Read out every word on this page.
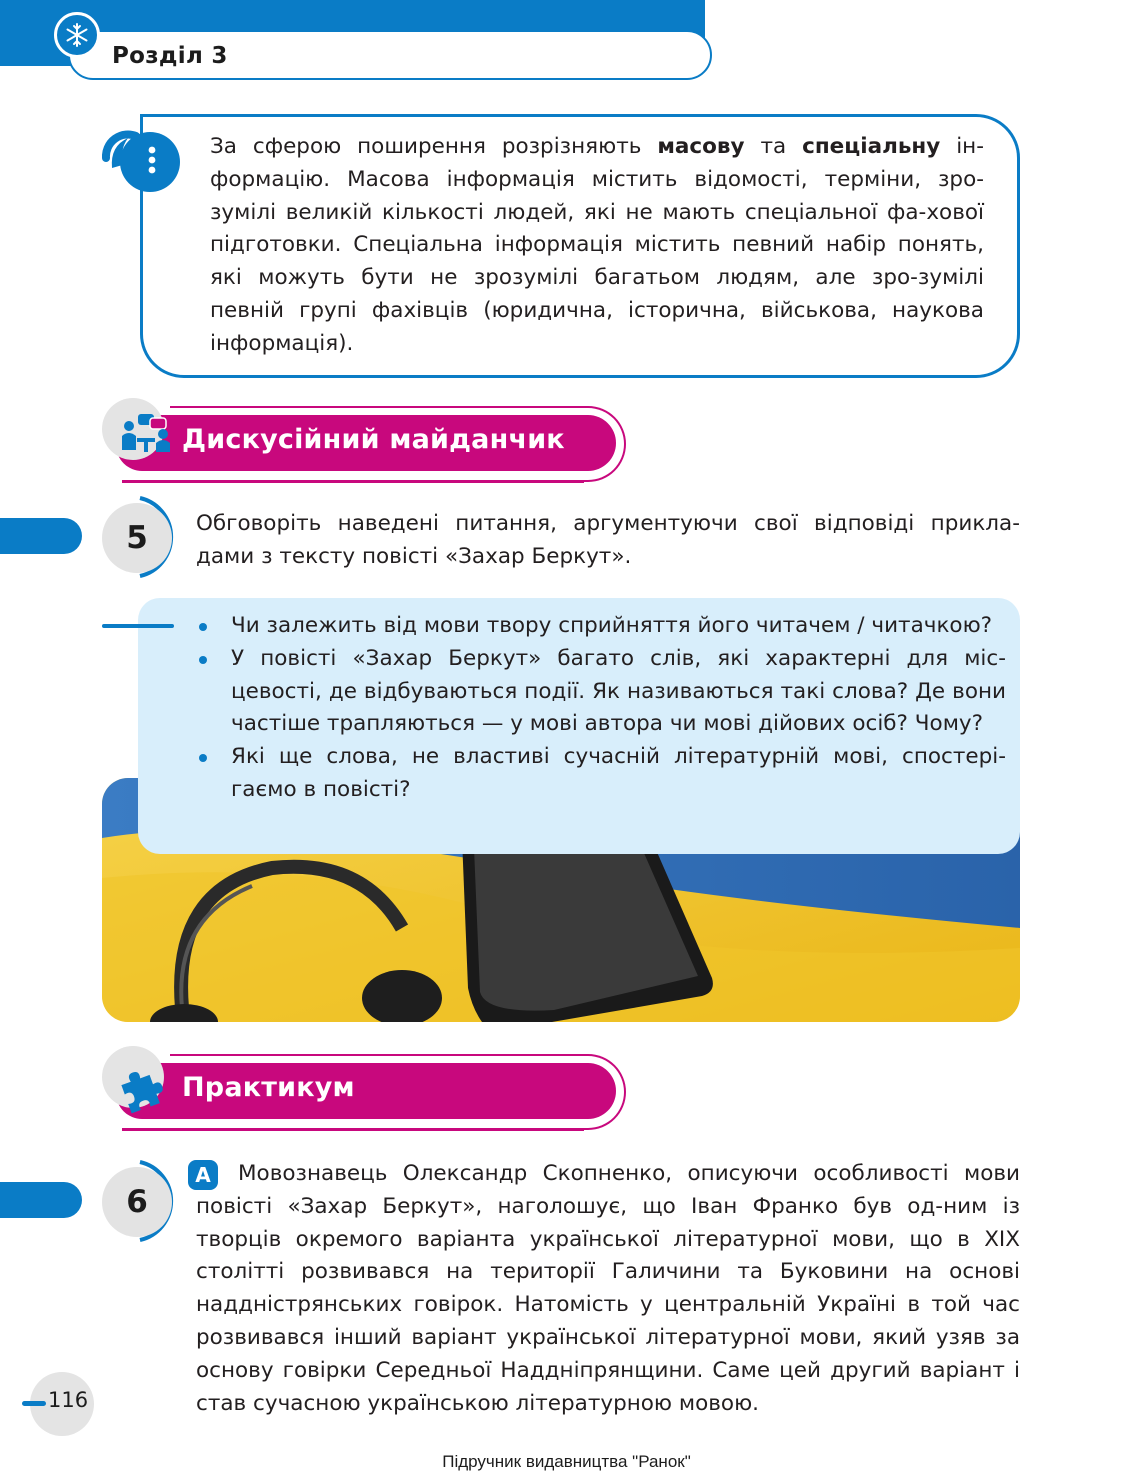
Розділ 3
За сферою поширення розрізняють масову та спеціальну ін-формацію. Масова інформація містить відомості, терміни, зро-зумілі великій кількості людей, які не мають спеціальної фа-хової підготовки. Спеціальна інформація містить певний набір понять, які можуть бути не зрозумілі багатьом людям, але зро-зумілі певній групі фахівців (юридична, історична, військова, наукова інформація).
Дискусійний майданчик
5	Обговоріть наведені питання, аргументуючи свої відповіді прикла-дами з тексту повісті «Захар Беркут».
Чи залежить від мови твору сприйняття його читачем / читачкою?
У повісті «Захар Беркут» багато слів, які характерні для міс-цевості, де відбуваються події. Як називаються такі слова? Де вони частіше трапляються — у мові автора чи мові дійових осіб? Чому?
Які ще слова, не властиві сучасній літературній мові, спостері-гаємо в повісті?
Практикум
6
А	Мовознавець Олександр Скопненко, описуючи особливості мови повісті «Захар Беркут», наголошує, що Іван Франко був од-ним із творців окремого варіанта української літературної мови, що в XIX столітті розвивався на території Галичини та Буковини на основі наддністрянських говірок. Натомість у центральній Україні в той час розвивався інший варіант української літературної мови, який узяв за основу говірки Середньої Наддніпрянщини. Саме цей другий варіант і став сучасною українською літературною мовою.
116
Підручник видавництва "Ранок"
